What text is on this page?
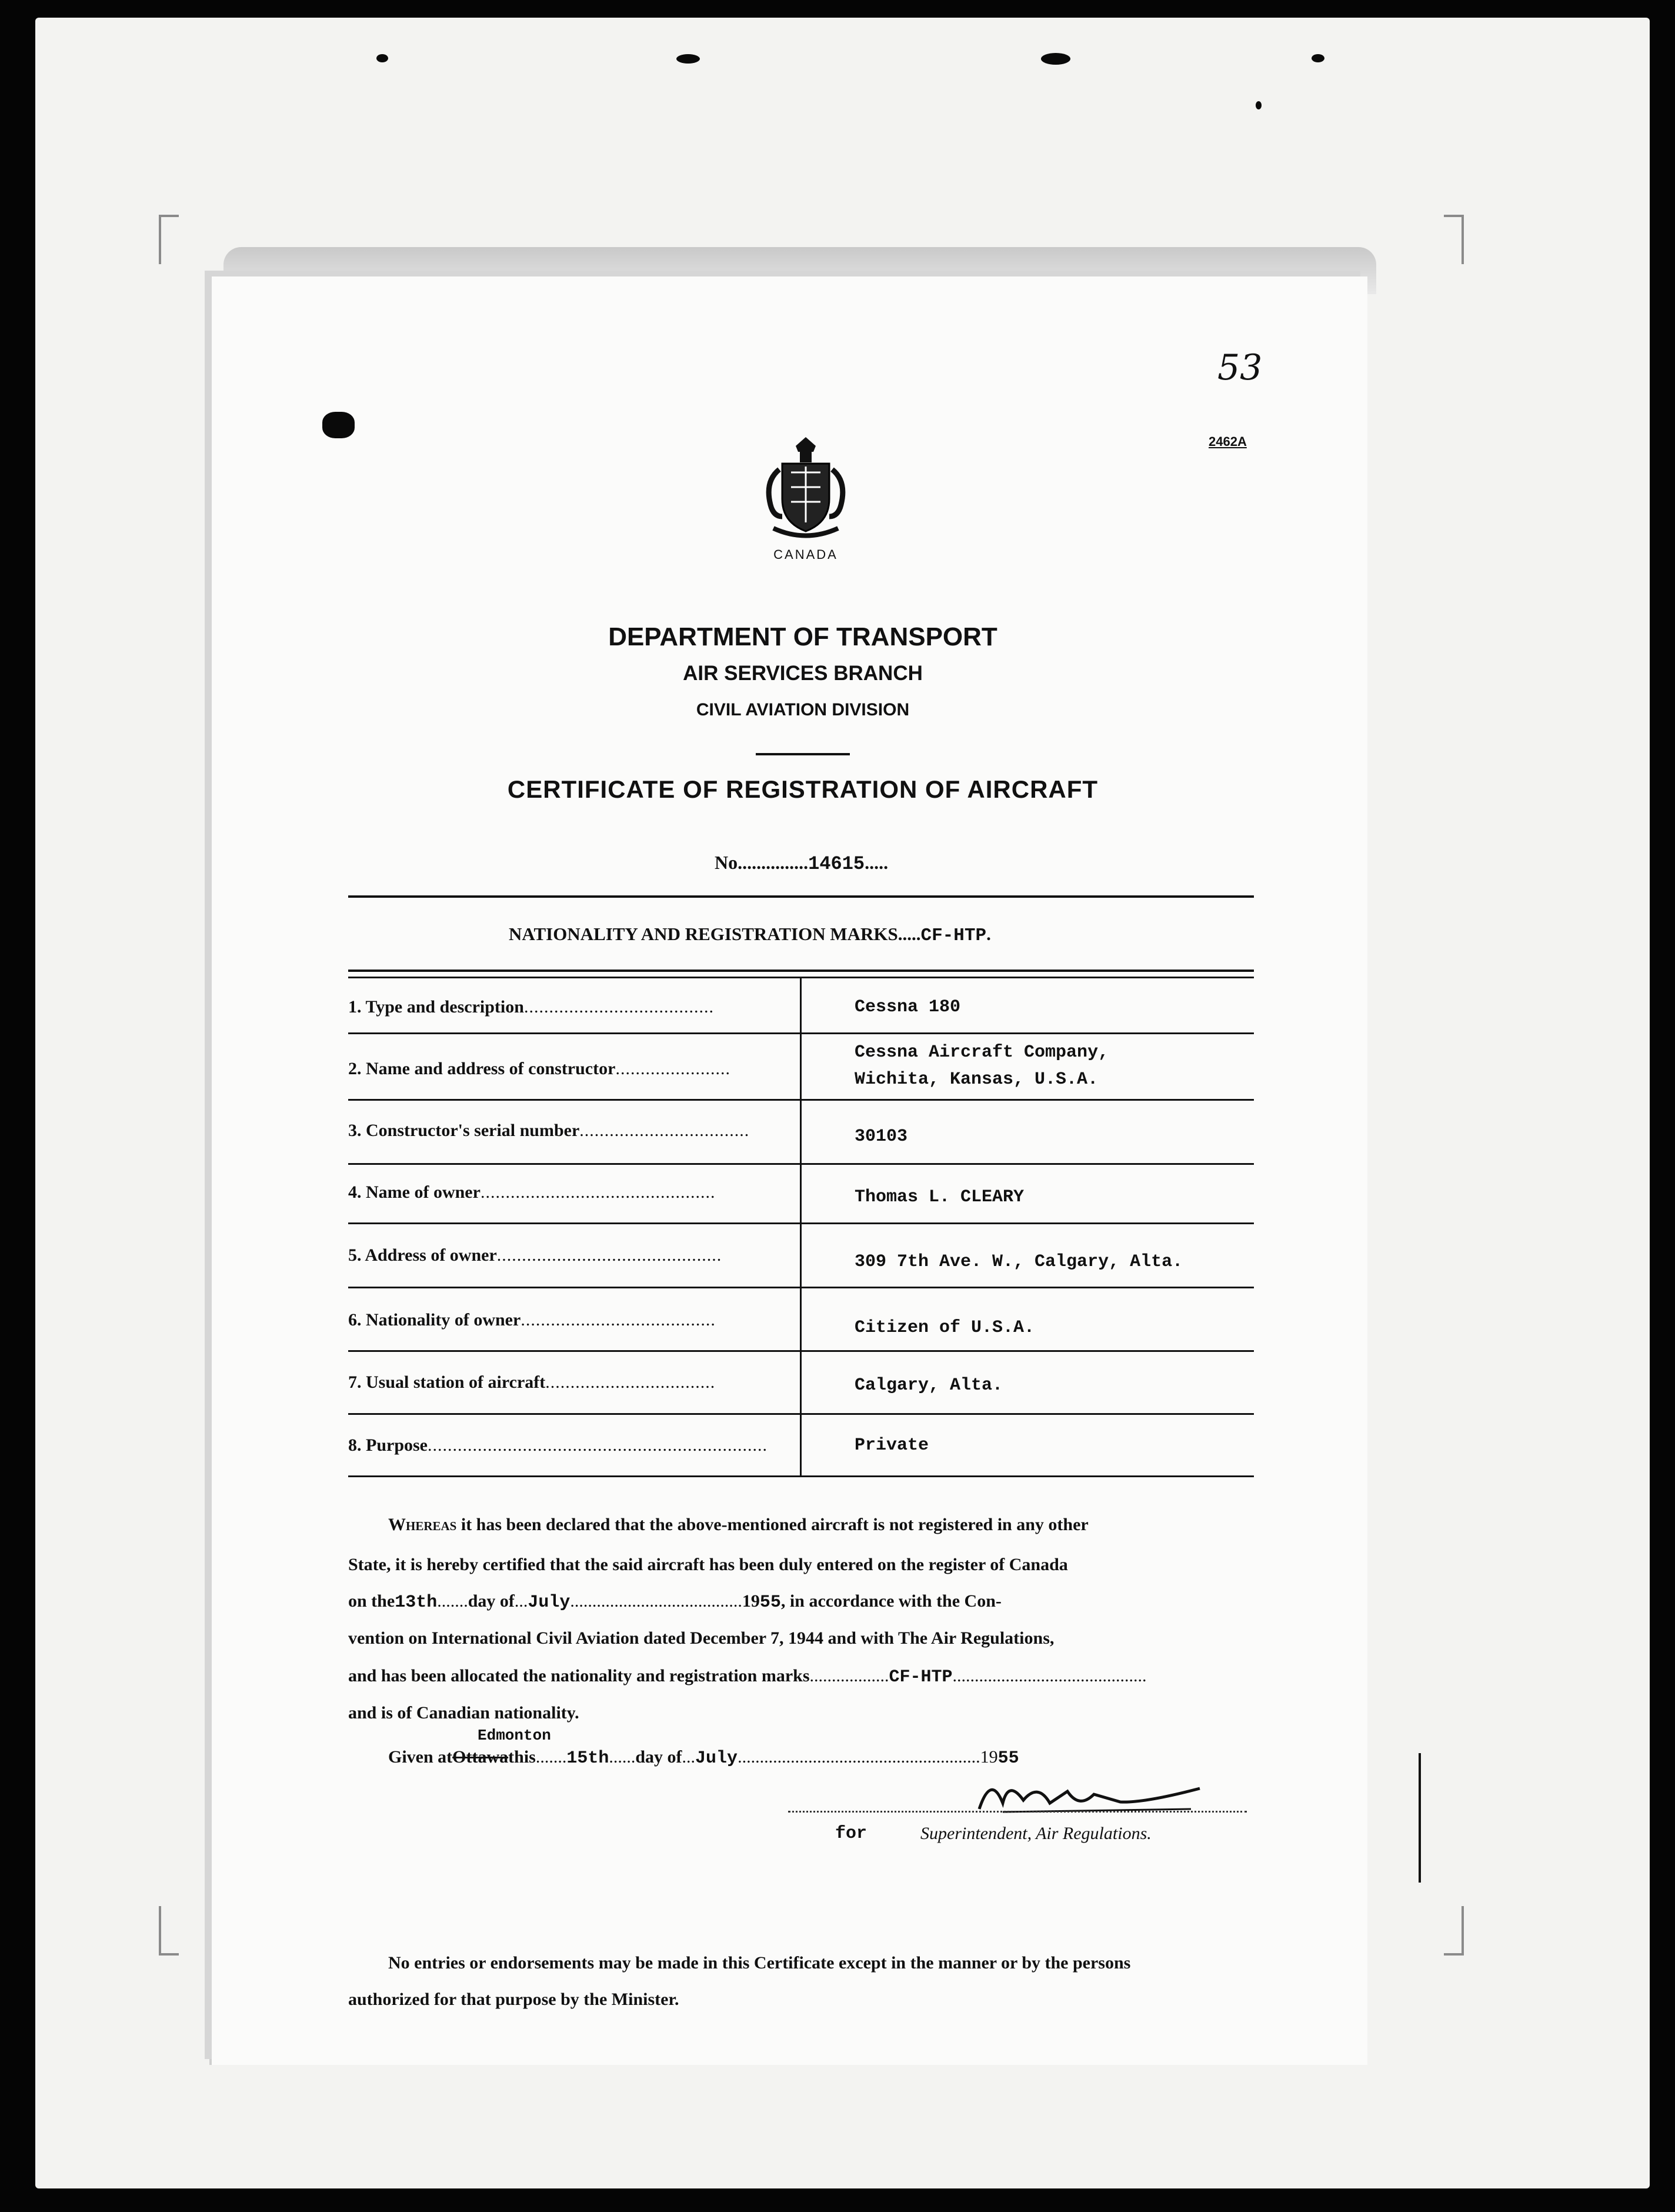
53
2462A
CANADA
DEPARTMENT OF TRANSPORT
AIR SERVICES BRANCH
CIVIL AVIATION DIVISION
CERTIFICATE OF REGISTRATION OF AIRCRAFT
No...............14615.....
NATIONALITY AND REGISTRATION MARKS.....CF-HTP.
1. Type and description......................................	Cessna 180
2. Name and address of constructor.......................
Cessna Aircraft Company,
Wichita, Kansas, U.S.A.
3. Constructor's serial number..................................	30103
4. Name of owner...............................................	Thomas L. CLEARY
5. Address of owner.............................................	309 7th Ave. W., Calgary, Alta.
6. Nationality of owner.......................................	Citizen of U.S.A.
7. Usual station of aircraft..................................	Calgary, Alta.
8. Purpose....................................................................	Private
Whereas it has been declared that the above-mentioned aircraft is not registered in any other
State, it is hereby certified that the said aircraft has been duly entered on the register of Canada
on the13th.......day of...July.......................................1955, in accordance with the Con-
vention on International Civil Aviation dated December 7, 1944 and with The Air Regulations,
and has been allocated the nationality and registration marks..................CF-HTP............................................
and is of Canadian nationality.
Edmonton
Given atOttawathis.......15th......day of...July.......................................................1955
for	Superintendent, Air Regulations.
No entries or endorsements may be made in this Certificate except in the manner or by the persons
authorized for that purpose by the Minister.
